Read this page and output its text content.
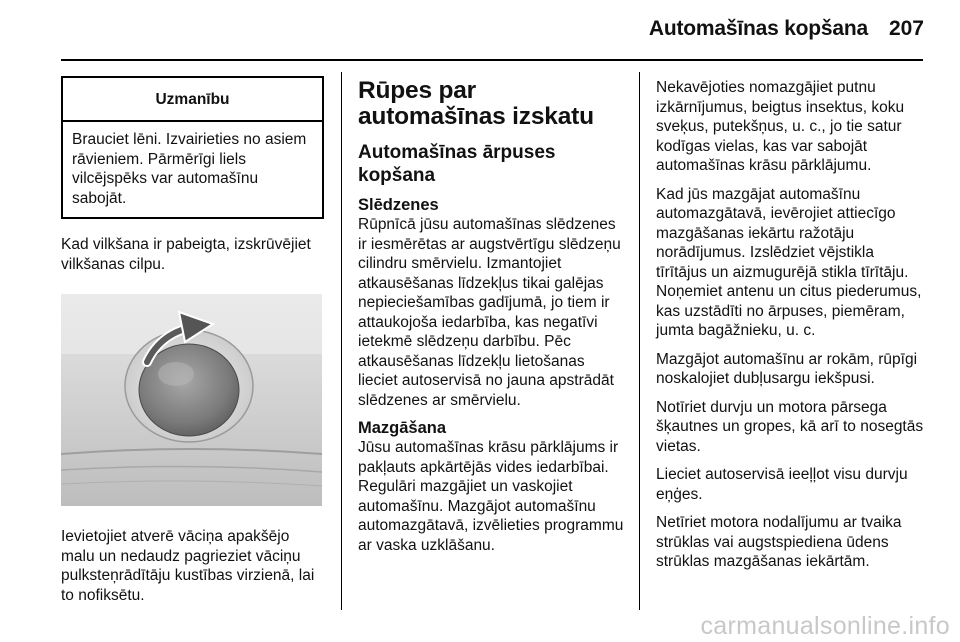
Automašīnas kopšana 207
Uzmanību
Brauciet lēni. Izvairieties no asiem rāvieniem. Pārmērīgi liels vilcējspēks var automašīnu sabojāt.

Kad vilkšana ir pabeigta, izskrūvējiet vilkšanas cilpu.

Ievietojiet atverē vāciņa apakšējo malu un nedaudz pagrieziet vāciņu pulksteņrādītāju kustības virzienā, lai to nofiksētu.

Rūpes par automašīnas izskatu
Automašīnas ārpuses kopšana
Slēdzenes

Rūpnīcā jūsu automašīnas slēdzenes ir iesmērētas ar augstvērtīgu slēdzeņu cilindru smērvielu. Izmantojiet atkausēšanas līdzekļus tikai galējas nepieciešamības gadījumā, jo tiem ir attaukojoša iedarbība, kas negatīvi ietekmē slēdzeņu darbību. Pēc atkausēšanas līdzekļu lietošanas lieciet autoservisā no jauna apstrādāt slēdzenes ar smērvielu.

Mazgāšana

Jūsu automašīnas krāsu pārklājums ir pakļauts apkārtējās vides iedarbībai. Regulāri mazgājiet un vaskojiet automašīnu. Mazgājot automašīnu automazgātavā, izvēlieties programmu ar vaska uzklāšanu.

Nekavējoties nomazgājiet putnu izkārnījumus, beigtus insektus, koku sveķus, putekšņus, u. c., jo tie satur kodīgas vielas, kas var sabojāt automašīnas krāsu pārklājumu.

Kad jūs mazgājat automašīnu automazgātavā, ievērojiet attiecīgo mazgāšanas iekārtu ražotāju norādījumus. Izslēdziet vējstikla tīrītājus un aizmugurējā stikla tīrītāju. Noņemiet antenu un citus piederumus, kas uzstādīti no ārpuses, piemēram, jumta bagāžnieku, u. c.

Mazgājot automašīnu ar rokām, rūpīgi noskalojiet dubļusargu iekšpusi.

Notīriet durvju un motora pārsega šķautnes un gropes, kā arī to nosegtās vietas.

Lieciet autoservisā ieeļļot visu durvju eņģes.

Netīriet motora nodalījumu ar tvaika strūklas vai augstspiediena ūdens strūklas mazgāšanas iekārtām.

carmanualsonline.info
